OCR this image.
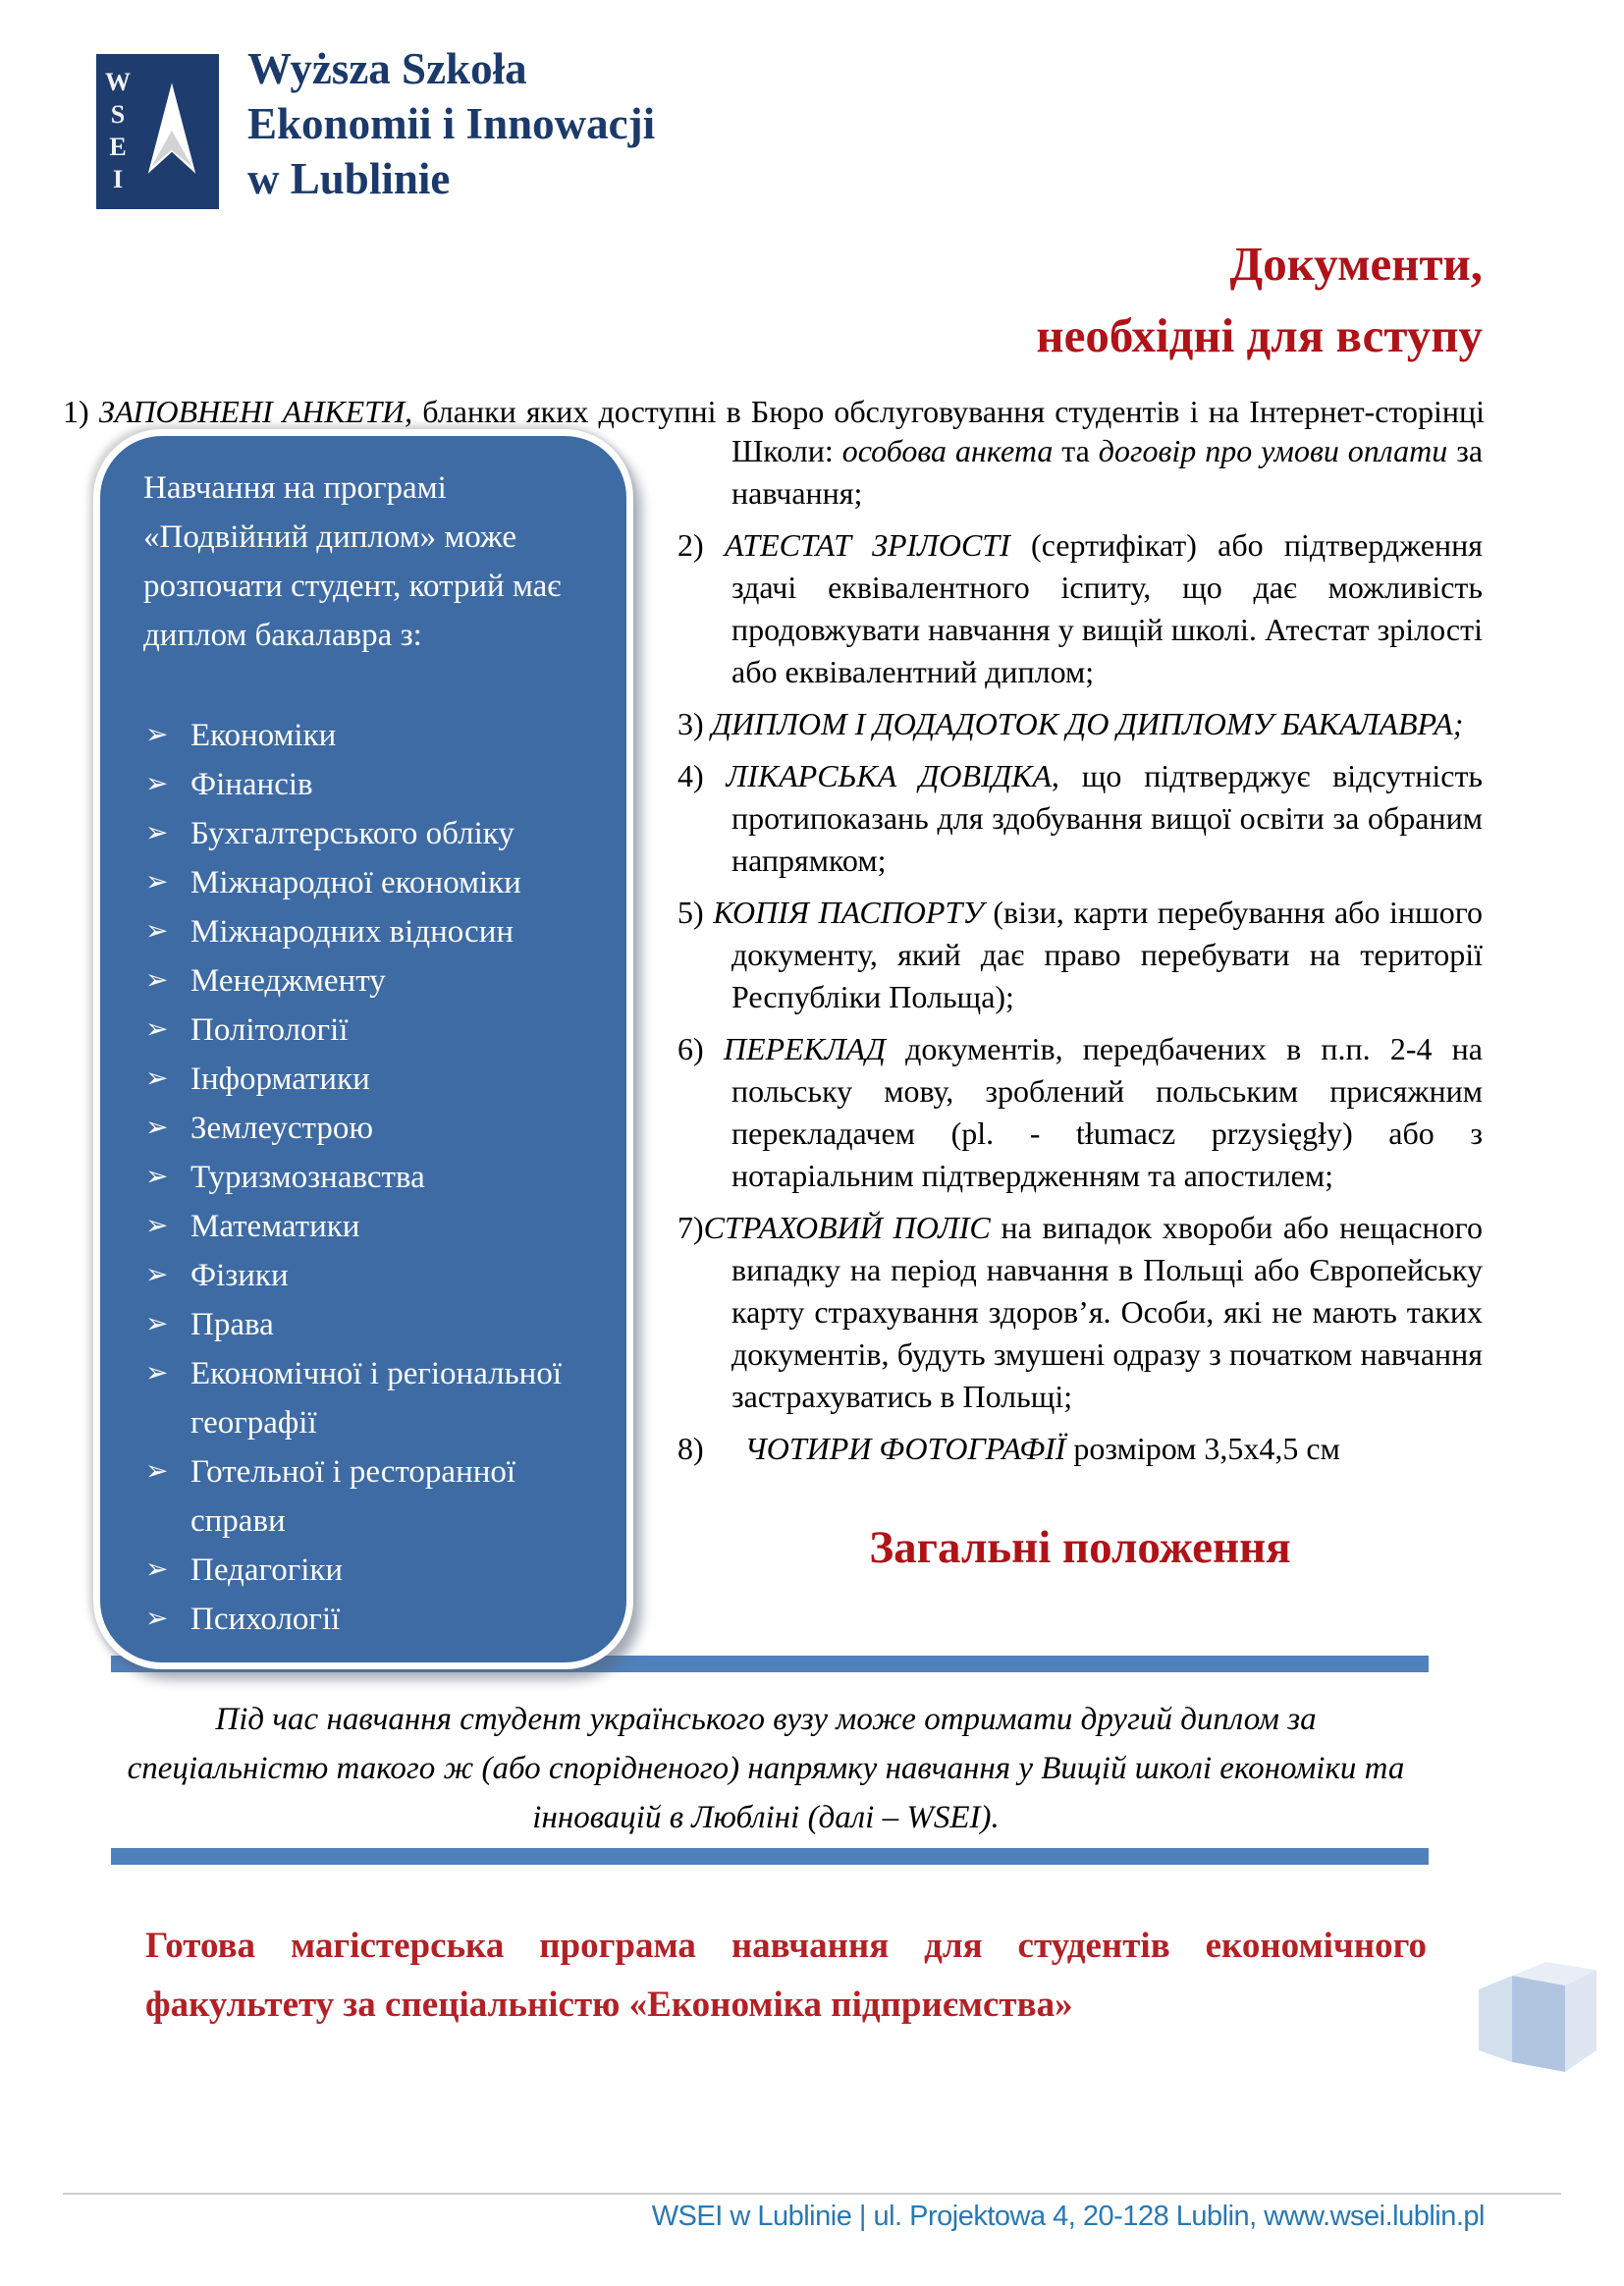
W
S
E
I
Wyższa Szkoła
Ekonomii i Innowacji
w Lublinie
Документи,
необхідні для вступу
1) ЗАПОВНЕНІ АНКЕТИ, бланки яких доступні в Бюро обслуговування студентів і на Інтернет-сторінці
Навчання на програмі «Подвійний диплом» може розпочати студент, котрий має диплом бакалавра з:
➢ Економіки
➢ Фінансів
➢ Бухгалтерського обліку
➢ Міжнародної економіки
➢ Міжнародних відносин
➢ Менеджменту
➢ Політології
➢ Інформатики
➢ Землеустрою
➢ Туризмознавства
➢ Математики
➢ Фізики
➢ Права
➢ Економічної і регіональної географії
➢ Готельної і ресторанної справи
➢ Педагогіки
➢ Психології

Школи: особова анкета та договір про умови оплати за навчання;

2) АТЕСТАТ ЗРІЛОСТІ (сертифікат) або підтвердження здачі еквівалентного іспиту, що дає можливість продовжувати навчання у вищій школі. Атестат зрілості або еквівалентний диплом;

3) ДИПЛОМ І ДОДАДОТОК ДО ДИПЛОМУ БАКАЛАВРА;

4) ЛІКАРСЬКА ДОВІДКА, що підтверджує відсутність протипоказань для здобування вищої освіти за обраним напрямком;

5) КОПІЯ ПАСПОРТУ (візи, карти перебування або іншого документу, який дає право перебувати на території Республіки Польща);

6) ПЕРЕКЛАД документів, передбачених в п.п. 2-4 на польську мову, зроблений польським присяжним перекладачем (pl. - tłumacz przysięgły) або з нотаріальним підтвердженням та апостилем;

7)СТРАХОВИЙ ПОЛІС на випадок хвороби або нещасного випадку на період навчання в Польщі або Європейську карту страхування здоров’я. Особи, які не мають таких документів, будуть змушені одразу з початком навчання застрахуватись в Польщі;

8) ЧОТИРИ ФОТОГРАФІЇ розміром 3,5х4,5 см

Загальні положення
Під час навчання студент українського вузу може отримати другий диплом за спеціальністю такого ж (або спорідненого) напрямку навчання у Вищій школі економіки та інновацій в Любліні (далі – WSEI).
Готова магістерська програма навчання для студентів економічного факультету за спеціальністю «Економіка підприємства»
WSEI w Lublinie | ul. Projektowa 4, 20-128 Lublin, www.wsei.lublin.pl
